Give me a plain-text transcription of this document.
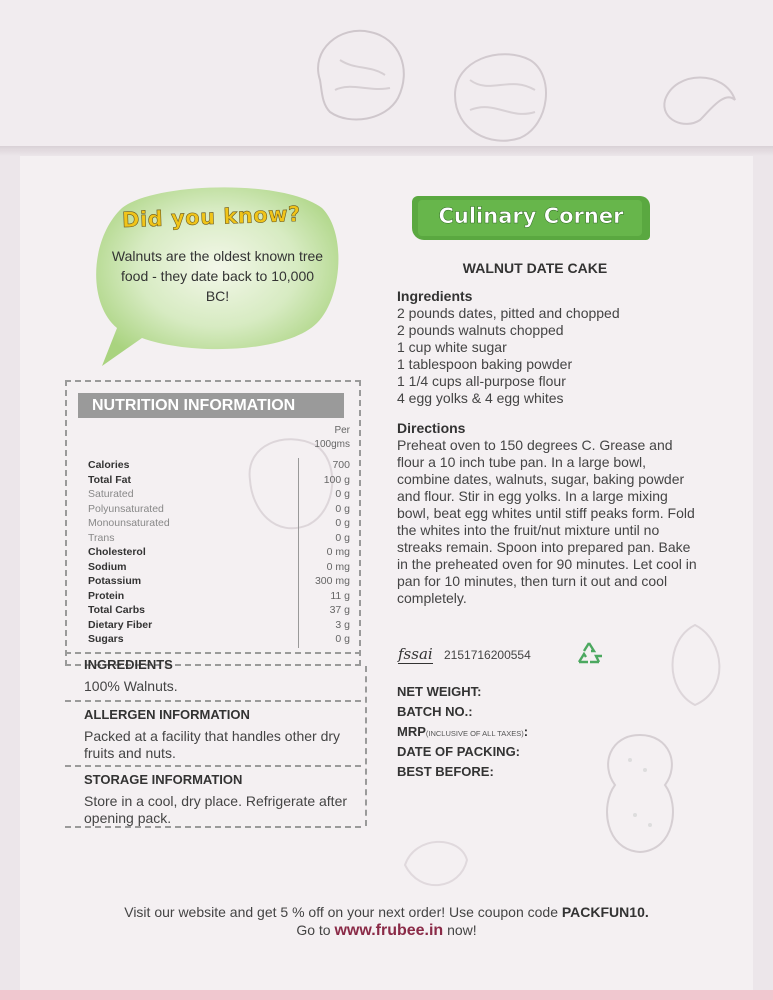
Did you know?
Walnuts are the oldest known tree food - they date back to 10,000 BC!
NUTRITION INFORMATION
Per 100gms
Calories	700
Total Fat	100 g
Saturated	0 g
Polyunsaturated	0 g
Monounsaturated	0 g
Trans	0 g
Cholesterol	0 mg
Sodium	0 mg
Potassium	300 mg
Protein	11 g
Total Carbs	37 g
Dietary Fiber	3 g
Sugars	0 g
INGREDIENTS
100% Walnuts.
ALLERGEN INFORMATION
Packed at a facility that handles other dry fruits and nuts.
STORAGE INFORMATION
Store in a cool, dry place. Refrigerate after opening pack.
Culinary Corner
WALNUT DATE CAKE
Ingredients
2 pounds dates, pitted and chopped
2 pounds walnuts chopped
1 cup white sugar
1 tablespoon baking powder
1 1/4 cups all-purpose flour
4 egg yolks & 4 egg whites
Directions
Preheat oven to 150 degrees C. Grease and flour a 10 inch tube pan. In a large bowl, combine dates, walnuts, sugar, baking powder and flour. Stir in egg yolks. In a large mixing bowl, beat egg whites until stiff peaks form. Fold the whites into the fruit/nut mixture until no streaks remain. Spoon into prepared pan. Bake in the preheated oven for 90 minutes. Let cool in pan for 10 minutes, then turn it out and cool completely.
fssai 2151716200554
NET WEIGHT:
BATCH NO.:
MRP(INCLUSIVE OF ALL TAXES):
DATE OF PACKING:
BEST BEFORE:
Visit our website and get 5 % off on your next order! Use coupon code PACKFUN10.
Go to www.frubee.in now!
